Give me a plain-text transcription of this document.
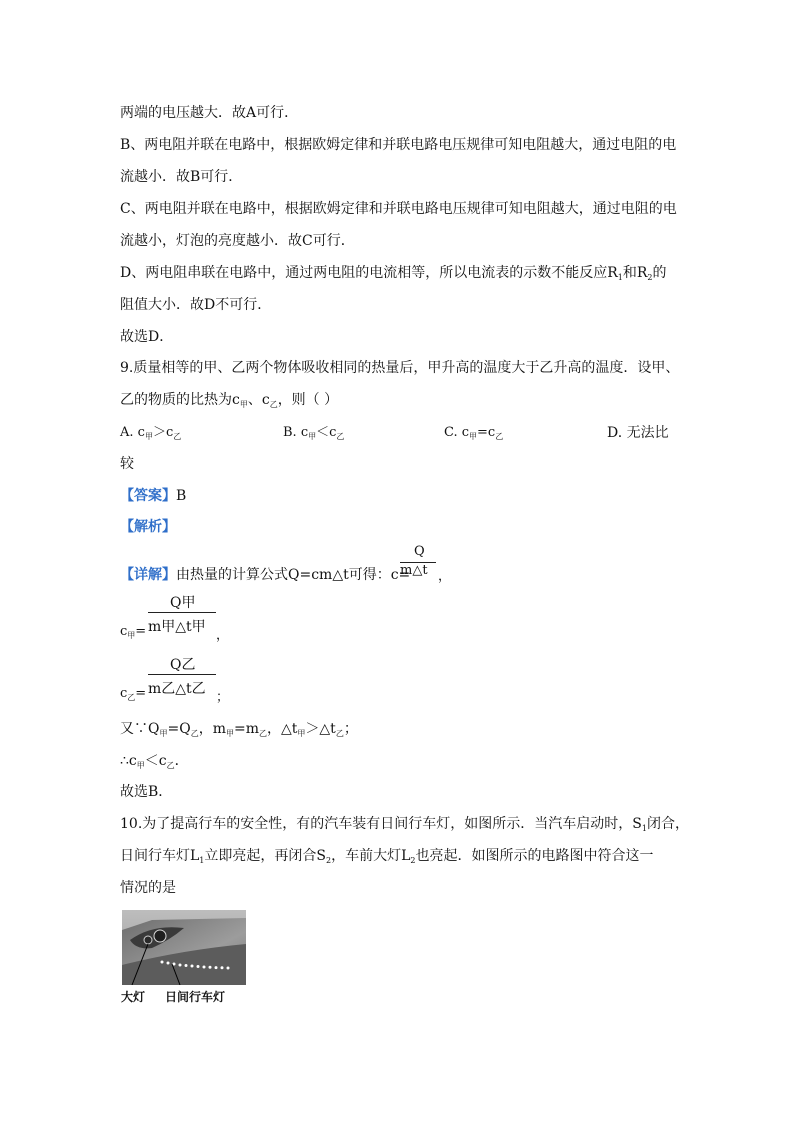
两端的电压越大．故A可行．
B、两电阻并联在电路中，根据欧姆定律和并联电路电压规律可知电阻越大，通过电阻的电
流越小．故B可行．
C、两电阻并联在电路中，根据欧姆定律和并联电路电压规律可知电阻越大，通过电阻的电
流越小，灯泡的亮度越小．故C可行．
D、两电阻串联在电路中，通过两电阻的电流相等，所以电流表的示数不能反应$R_1$和$R_2$的
阻值大小．故D不可行．
故选D．
9.质量相等的甲、乙两个物体吸收相同的热量后，甲升高的温度大于乙升高的温度．设甲、
乙的物质的比热为$c_甲$、$c_乙$，则（ ）
A. $c_甲>c_乙$	B. $c_甲<c_乙$	C. $c_甲=c_乙$	D. 无法比
较
【答案】B
【解析】
【详解】由热量的计算公式Q=cm△t可得：c=
Q
m△t ，
$c_甲=$
Q甲
m甲△t甲
，
$c_乙=$
Q乙
m乙△t乙
；
又$\because Q_甲=Q_乙$，$m_甲=m_乙$，$\triangle t_甲>\triangle t_乙$；
$\therefore c_甲<c_乙$．
故选B．
10.为了提高行车的安全性，有的汽车装有日间行车灯，如图所示．当汽车启动时，$S_1$闭合，
日间行车灯$L_1$立即亮起，再闭合$S_2$，车前大灯$L_2$也亮起．如图所示的电路图中符合这一
情况的是
大灯 日间行车灯
